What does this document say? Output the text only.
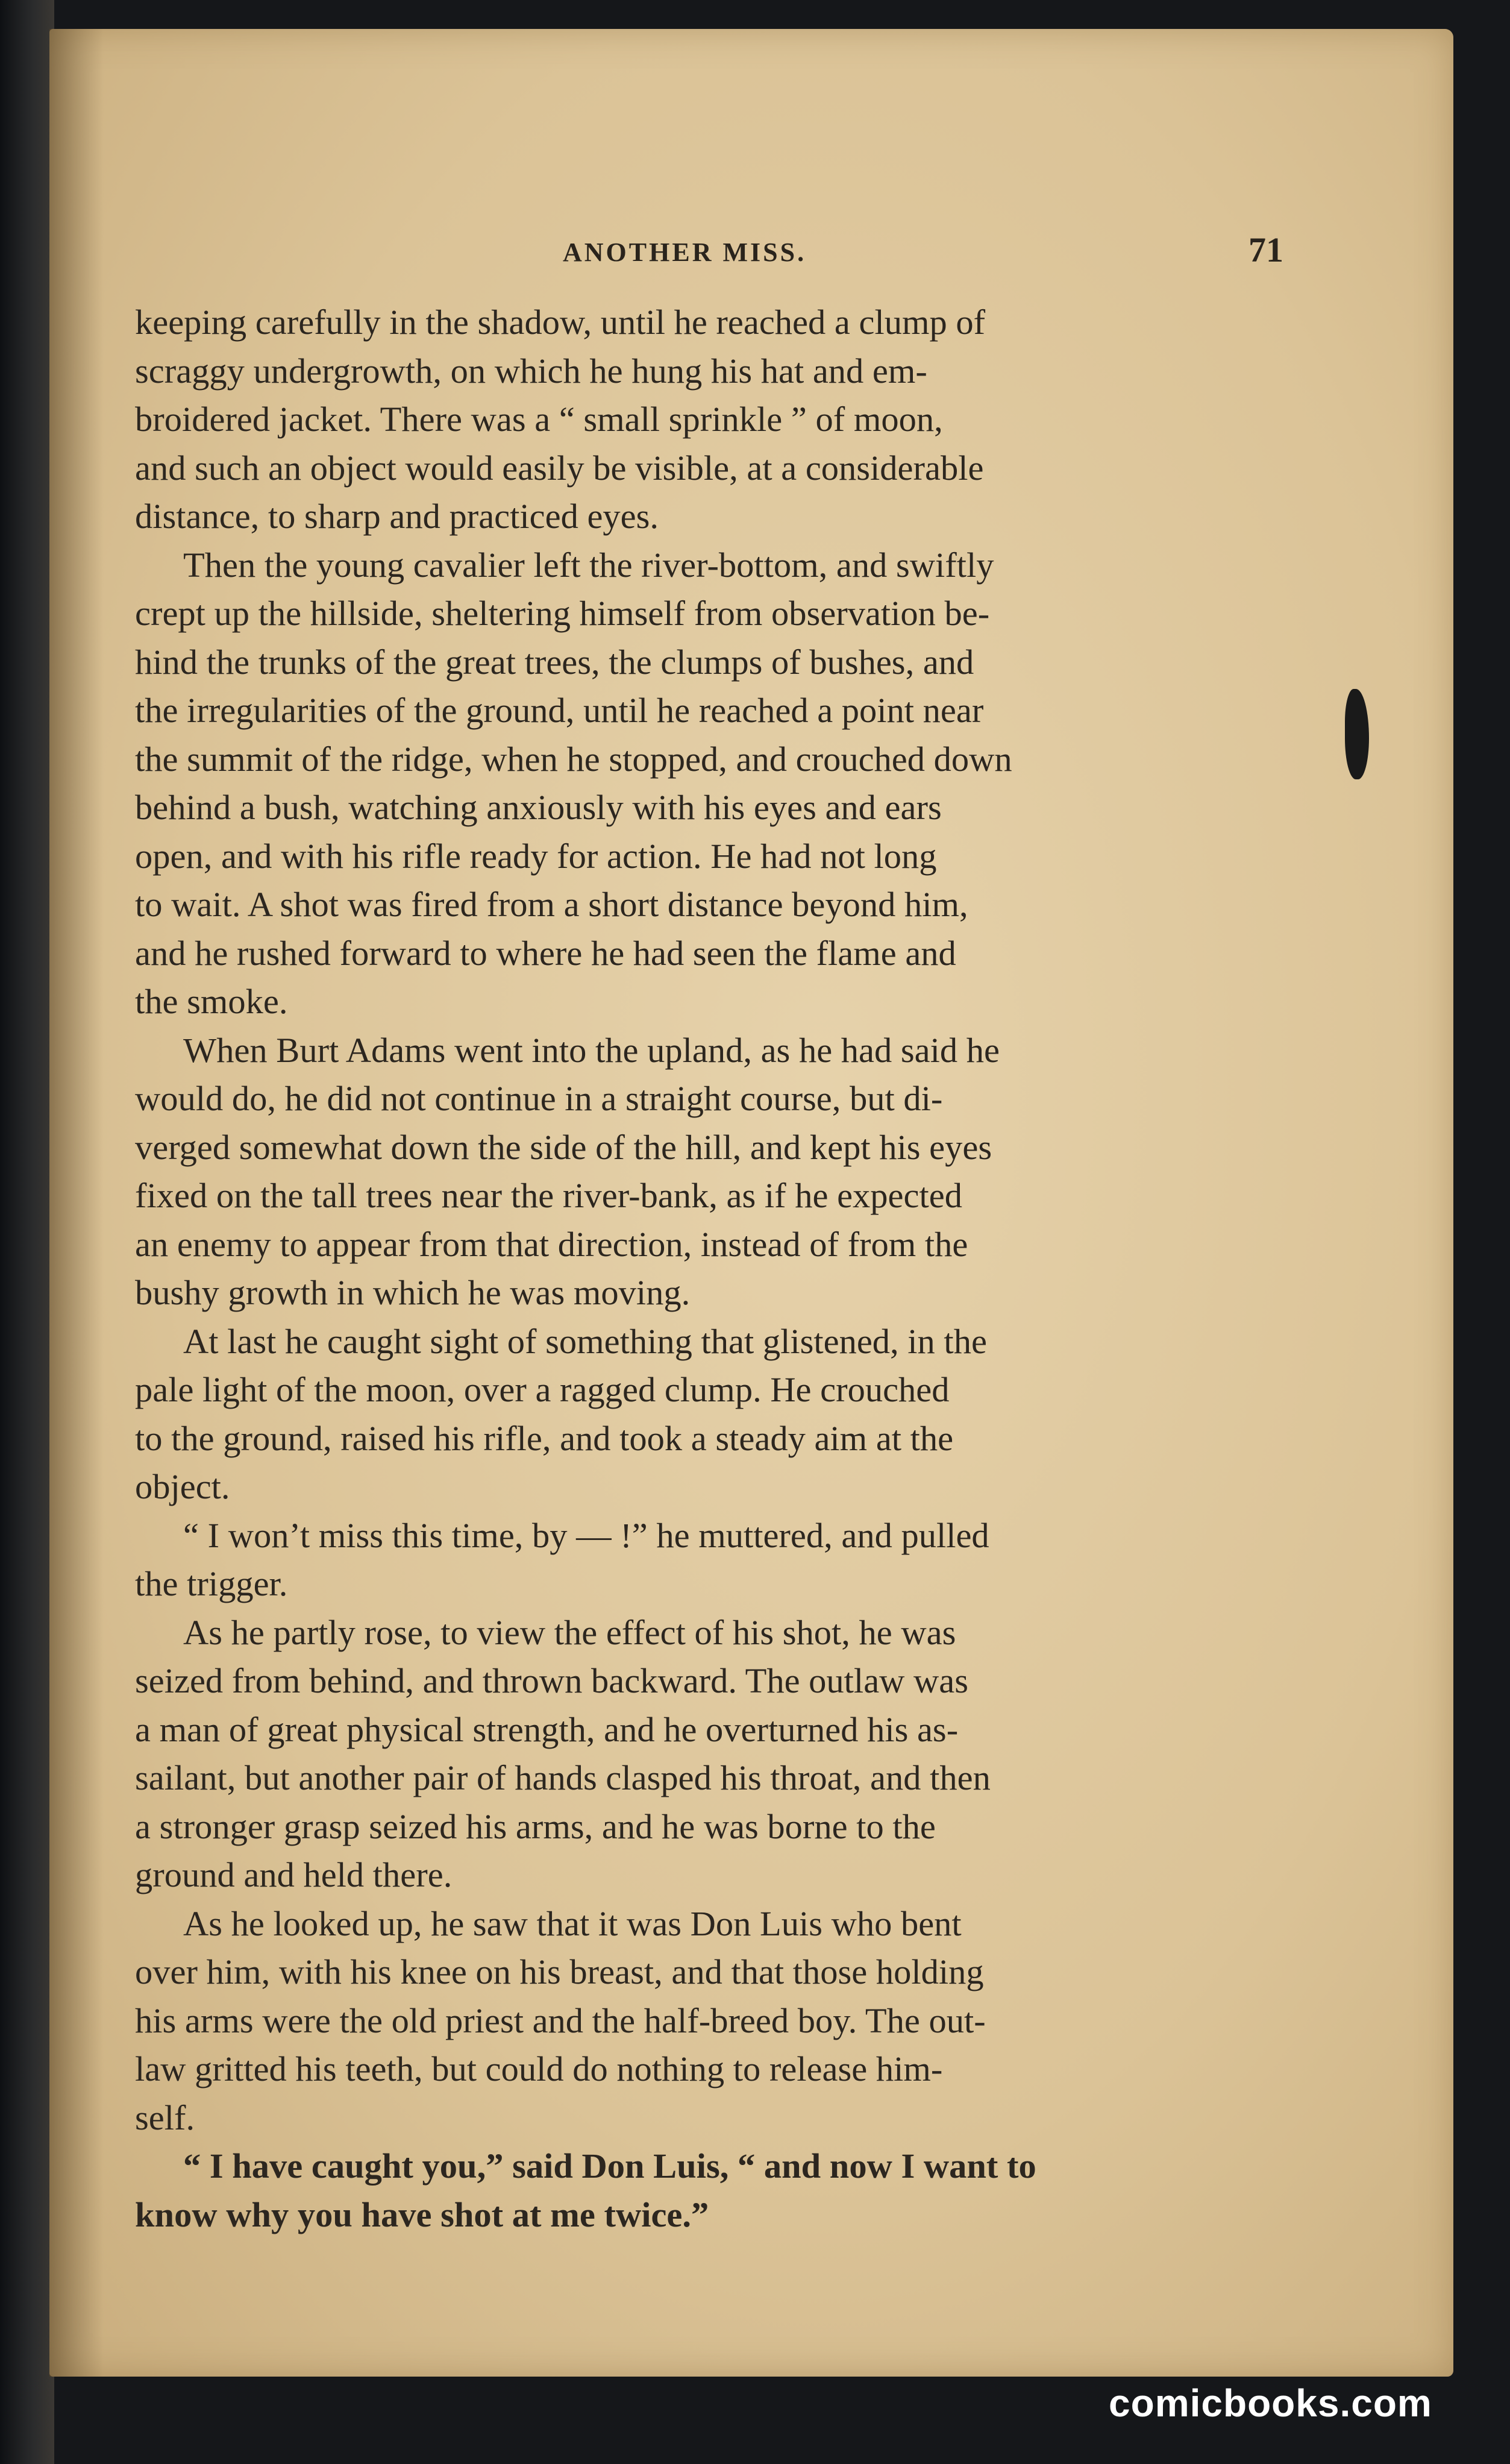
ANOTHER MISS.	71
keeping carefully in the shadow, until he reached a clump of
scraggy undergrowth, on which he hung his hat and em-
broidered jacket. There was a “ small sprinkle ” of moon,
and such an object would easily be visible, at a considerable
distance, to sharp and practiced eyes.
Then the young cavalier left the river-bottom, and swiftly
crept up the hillside, sheltering himself from observation be-
hind the trunks of the great trees, the clumps of bushes, and
the irregularities of the ground, until he reached a point near
the summit of the ridge, when he stopped, and crouched down
behind a bush, watching anxiously with his eyes and ears
open, and with his rifle ready for action. He had not long
to wait. A shot was fired from a short distance beyond him,
and he rushed forward to where he had seen the flame and
the smoke.
When Burt Adams went into the upland, as he had said he
would do, he did not continue in a straight course, but di-
verged somewhat down the side of the hill, and kept his eyes
fixed on the tall trees near the river-bank, as if he expected
an enemy to appear from that direction, instead of from the
bushy growth in which he was moving.
At last he caught sight of something that glistened, in the
pale light of the moon, over a ragged clump. He crouched
to the ground, raised his rifle, and took a steady aim at the
object.
“ I won’t miss this time, by — !” he muttered, and pulled
the trigger.
As he partly rose, to view the effect of his shot, he was
seized from behind, and thrown backward. The outlaw was
a man of great physical strength, and he overturned his as-
sailant, but another pair of hands clasped his throat, and then
a stronger grasp seized his arms, and he was borne to the
ground and held there.
As he looked up, he saw that it was Don Luis who bent
over him, with his knee on his breast, and that those holding
his arms were the old priest and the half-breed boy. The out-
law gritted his teeth, but could do nothing to release him-
self.
“ I have caught you,” said Don Luis, “ and now I want to
know why you have shot at me twice.”
comicbooks.com
